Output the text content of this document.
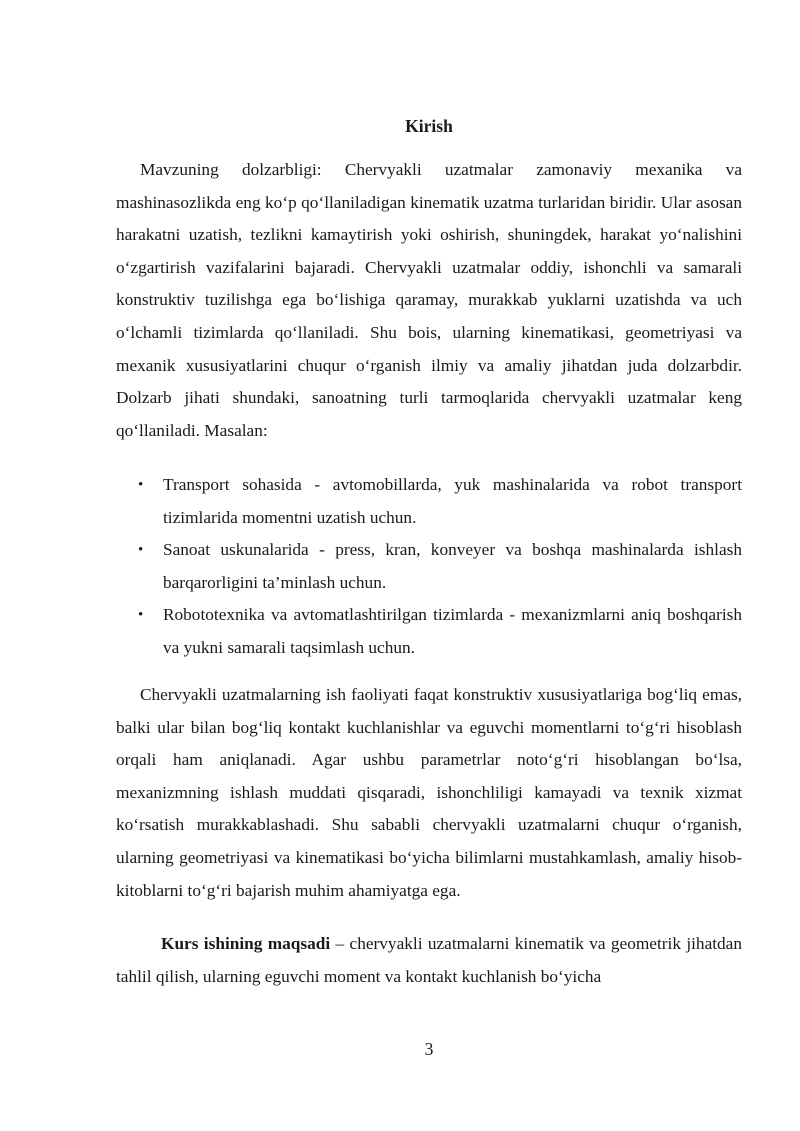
Kirish

Mavzuning dolzarbligi: Chervyakli uzatmalar zamonaviy mexanika va mashinasozlikda eng ko‘p qo‘llaniladigan kinematik uzatma turlaridan biridir. Ular asosan harakatni uzatish, tezlikni kamaytirish yoki oshirish, shuningdek, harakat yo‘nalishini o‘zgartirish vazifalarini bajaradi. Chervyakli uzatmalar oddiy, ishonchli va samarali konstruktiv tuzilishga ega bo‘lishiga qaramay, murakkab yuklarni uzatishda va uch o‘lchamli tizimlarda qo‘llaniladi. Shu bois, ularning kinematikasi, geometriyasi va mexanik xususiyatlarini chuqur o‘rganish ilmiy va amaliy jihatdan juda dolzarbdir. Dolzarb jihati shundaki, sanoatning turli tarmoqlarida chervyakli uzatmalar keng qo‘llaniladi. Masalan:

• Transport sohasida - avtomobillarda, yuk mashinalarida va robot transport tizimlarida momentni uzatish uchun.
• Sanoat uskunalarida - press, kran, konveyer va boshqa mashinalarda ishlash barqarorligini ta’minlash uchun.
• Robototexnika va avtomatlashtirilgan tizimlarda - mexanizmlarni aniq boshqarish va yukni samarali taqsimlash uchun.

Chervyakli uzatmalarning ish faoliyati faqat konstruktiv xususiyatlariga bog‘liq emas, balki ular bilan bog‘liq kontakt kuchlanishlar va eguvchi momentlarni to‘g‘ri hisoblash orqali ham aniqlanadi. Agar ushbu parametrlar noto‘g‘ri hisoblangan bo‘lsa, mexanizmning ishlash muddati qisqaradi, ishonchliligi kamayadi va texnik xizmat ko‘rsatish murakkablashadi. Shu sababli chervyakli uzatmalarni chuqur o‘rganish, ularning geometriyasi va kinematikasi bo‘yicha bilimlarni mustahkamlash, amaliy hisob-kitoblarni to‘g‘ri bajarish muhim ahamiyatga ega.

Kurs ishining maqsadi – chervyakli uzatmalarni kinematik va geometrik jihatdan tahlil qilish, ularning eguvchi moment va kontakt kuchlanish bo‘yicha

3
